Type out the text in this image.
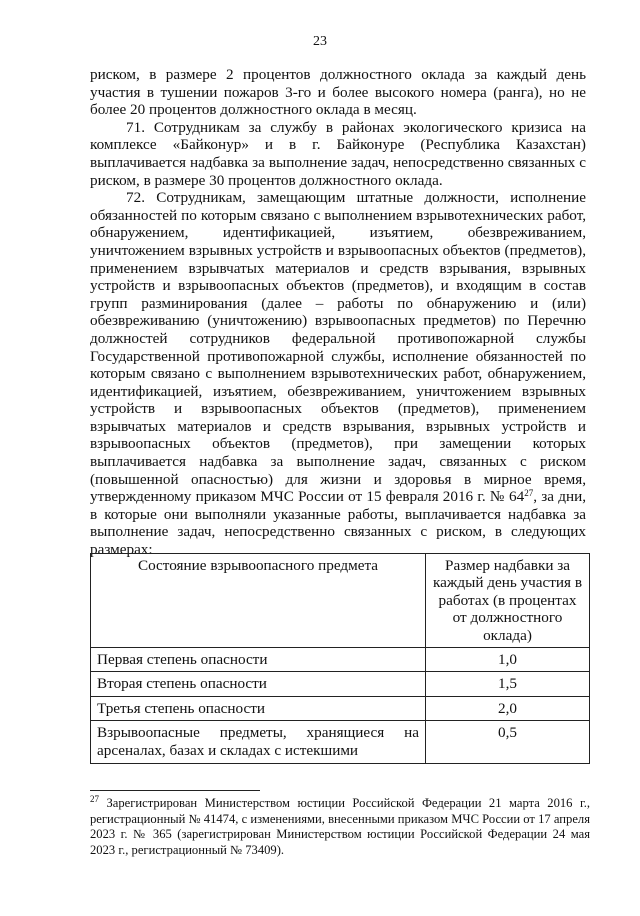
23

риском, в размере 2 процентов должностного оклада за каждый день участия в тушении пожаров 3-го и более высокого номера (ранга), но не более 20 процентов должностного оклада в месяц.

71. Сотрудникам за службу в районах экологического кризиса на комплексе «Байконур» и в г. Байконуре (Республика Казахстан) выплачивается надбавка за выполнение задач, непосредственно связанных с риском, в размере 30 процентов должностного оклада.

72. Сотрудникам, замещающим штатные должности, исполнение обязанностей по которым связано с выполнением взрывотехнических работ, обнаружением, идентификацией, изъятием, обезвреживанием, уничтожением взрывных устройств и взрывоопасных объектов (предметов), применением взрывчатых материалов и средств взрывания, взрывных устройств и взрывоопасных объектов (предметов), и входящим в состав групп разминирования (далее – работы по обнаружению и (или) обезвреживанию (уничтожению) взрывоопасных предметов) по Перечню должностей сотрудников федеральной противопожарной службы Государственной противопожарной службы, исполнение обязанностей по которым связано с выполнением взрывотехнических работ, обнаружением, идентификацией, изъятием, обезвреживанием, уничтожением взрывных устройств и взрывоопасных объектов (предметов), применением взрывчатых материалов и средств взрывания, взрывных устройств и взрывоопасных объектов (предметов), при замещении которых выплачивается надбавка за выполнение задач, связанных с риском (повышенной опасностью) для жизни и здоровья в мирное время, утвержденному приказом МЧС России от 15 февраля 2016 г. № $64^{27}$, за дни, в которые они выполняли указанные работы, выплачивается надбавка за выполнение задач, непосредственно связанных с риском, в следующих размерах:

Состояние взрывоопасного предмета	Размер надбавки за каждый день участия в работах (в процентах от должностного оклада)
Первая степень опасности	1,0
Вторая степень опасности	1,5
Третья степень опасности	2,0

Взрывоопасные предметы, хранящиеся на арсеналах, базах и складах с истекшими	0,5
$^{27}$ Зарегистрирован Министерством юстиции Российской Федерации 21 марта 2016 г., регистрационный № 41474, с изменениями, внесенными приказом МЧС России от 17 апреля 2023 г. № 365 (зарегистрирован Министерством юстиции Российской Федерации 24 мая 2023 г., регистрационный № 73409).
